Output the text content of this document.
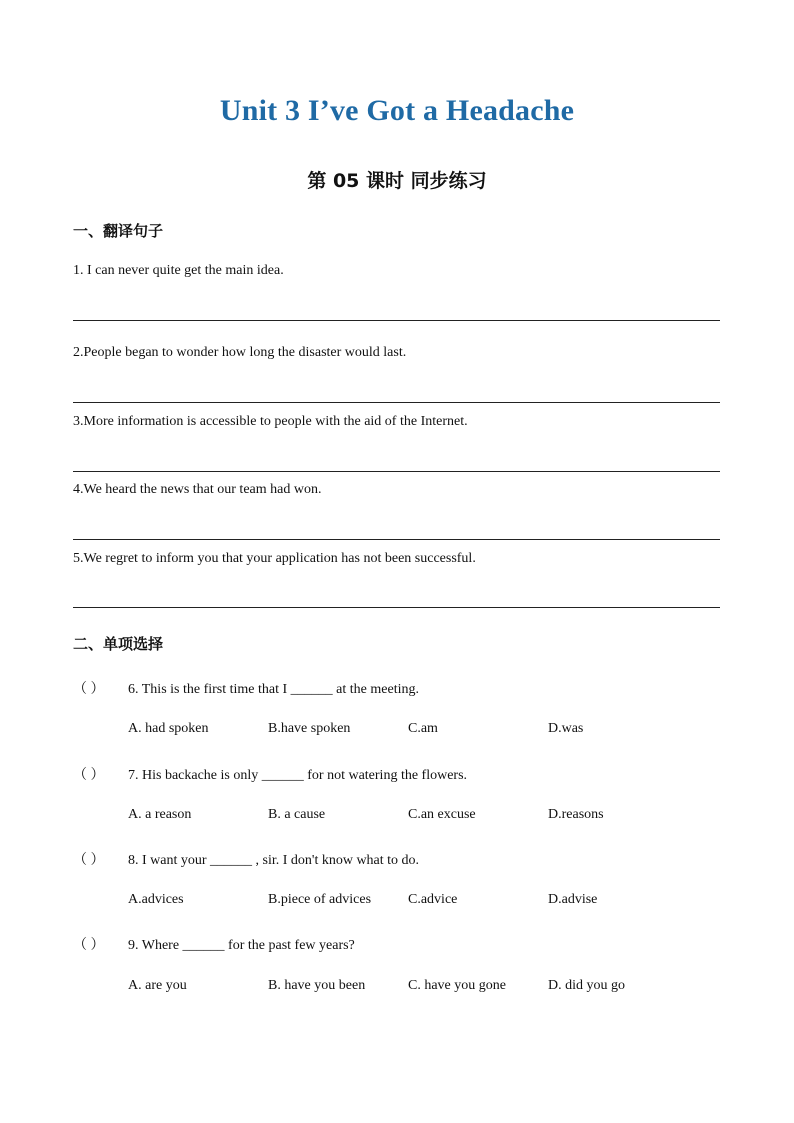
Unit 3 I’ve Got a Headache
第 05 课时 同步练习
一、翻译句子
1. I can never quite get the main idea.
2.People began to wonder how long the disaster would last.
3.More information is accessible to people with the aid of the Internet.
4.We heard the news that our team had won.
5.We regret to inform you that your application has not been successful.
二、单项选择
（ ） 6. This is the first time that I ______ at the meeting.
A. had spoken	B.have spoken	C.am	D.was
（ ） 7. His backache is only ______ for not watering the flowers.
A. a reason	B. a cause	C.an excuse	D.reasons
（ ） 8. I want your ______ , sir. I don't know what to do.
A.advices	B.piece of advices	C.advice	D.advise
（ ） 9. Where ______ for the past few years?
A. are you	B. have you been	C. have you gone	D. did you go
